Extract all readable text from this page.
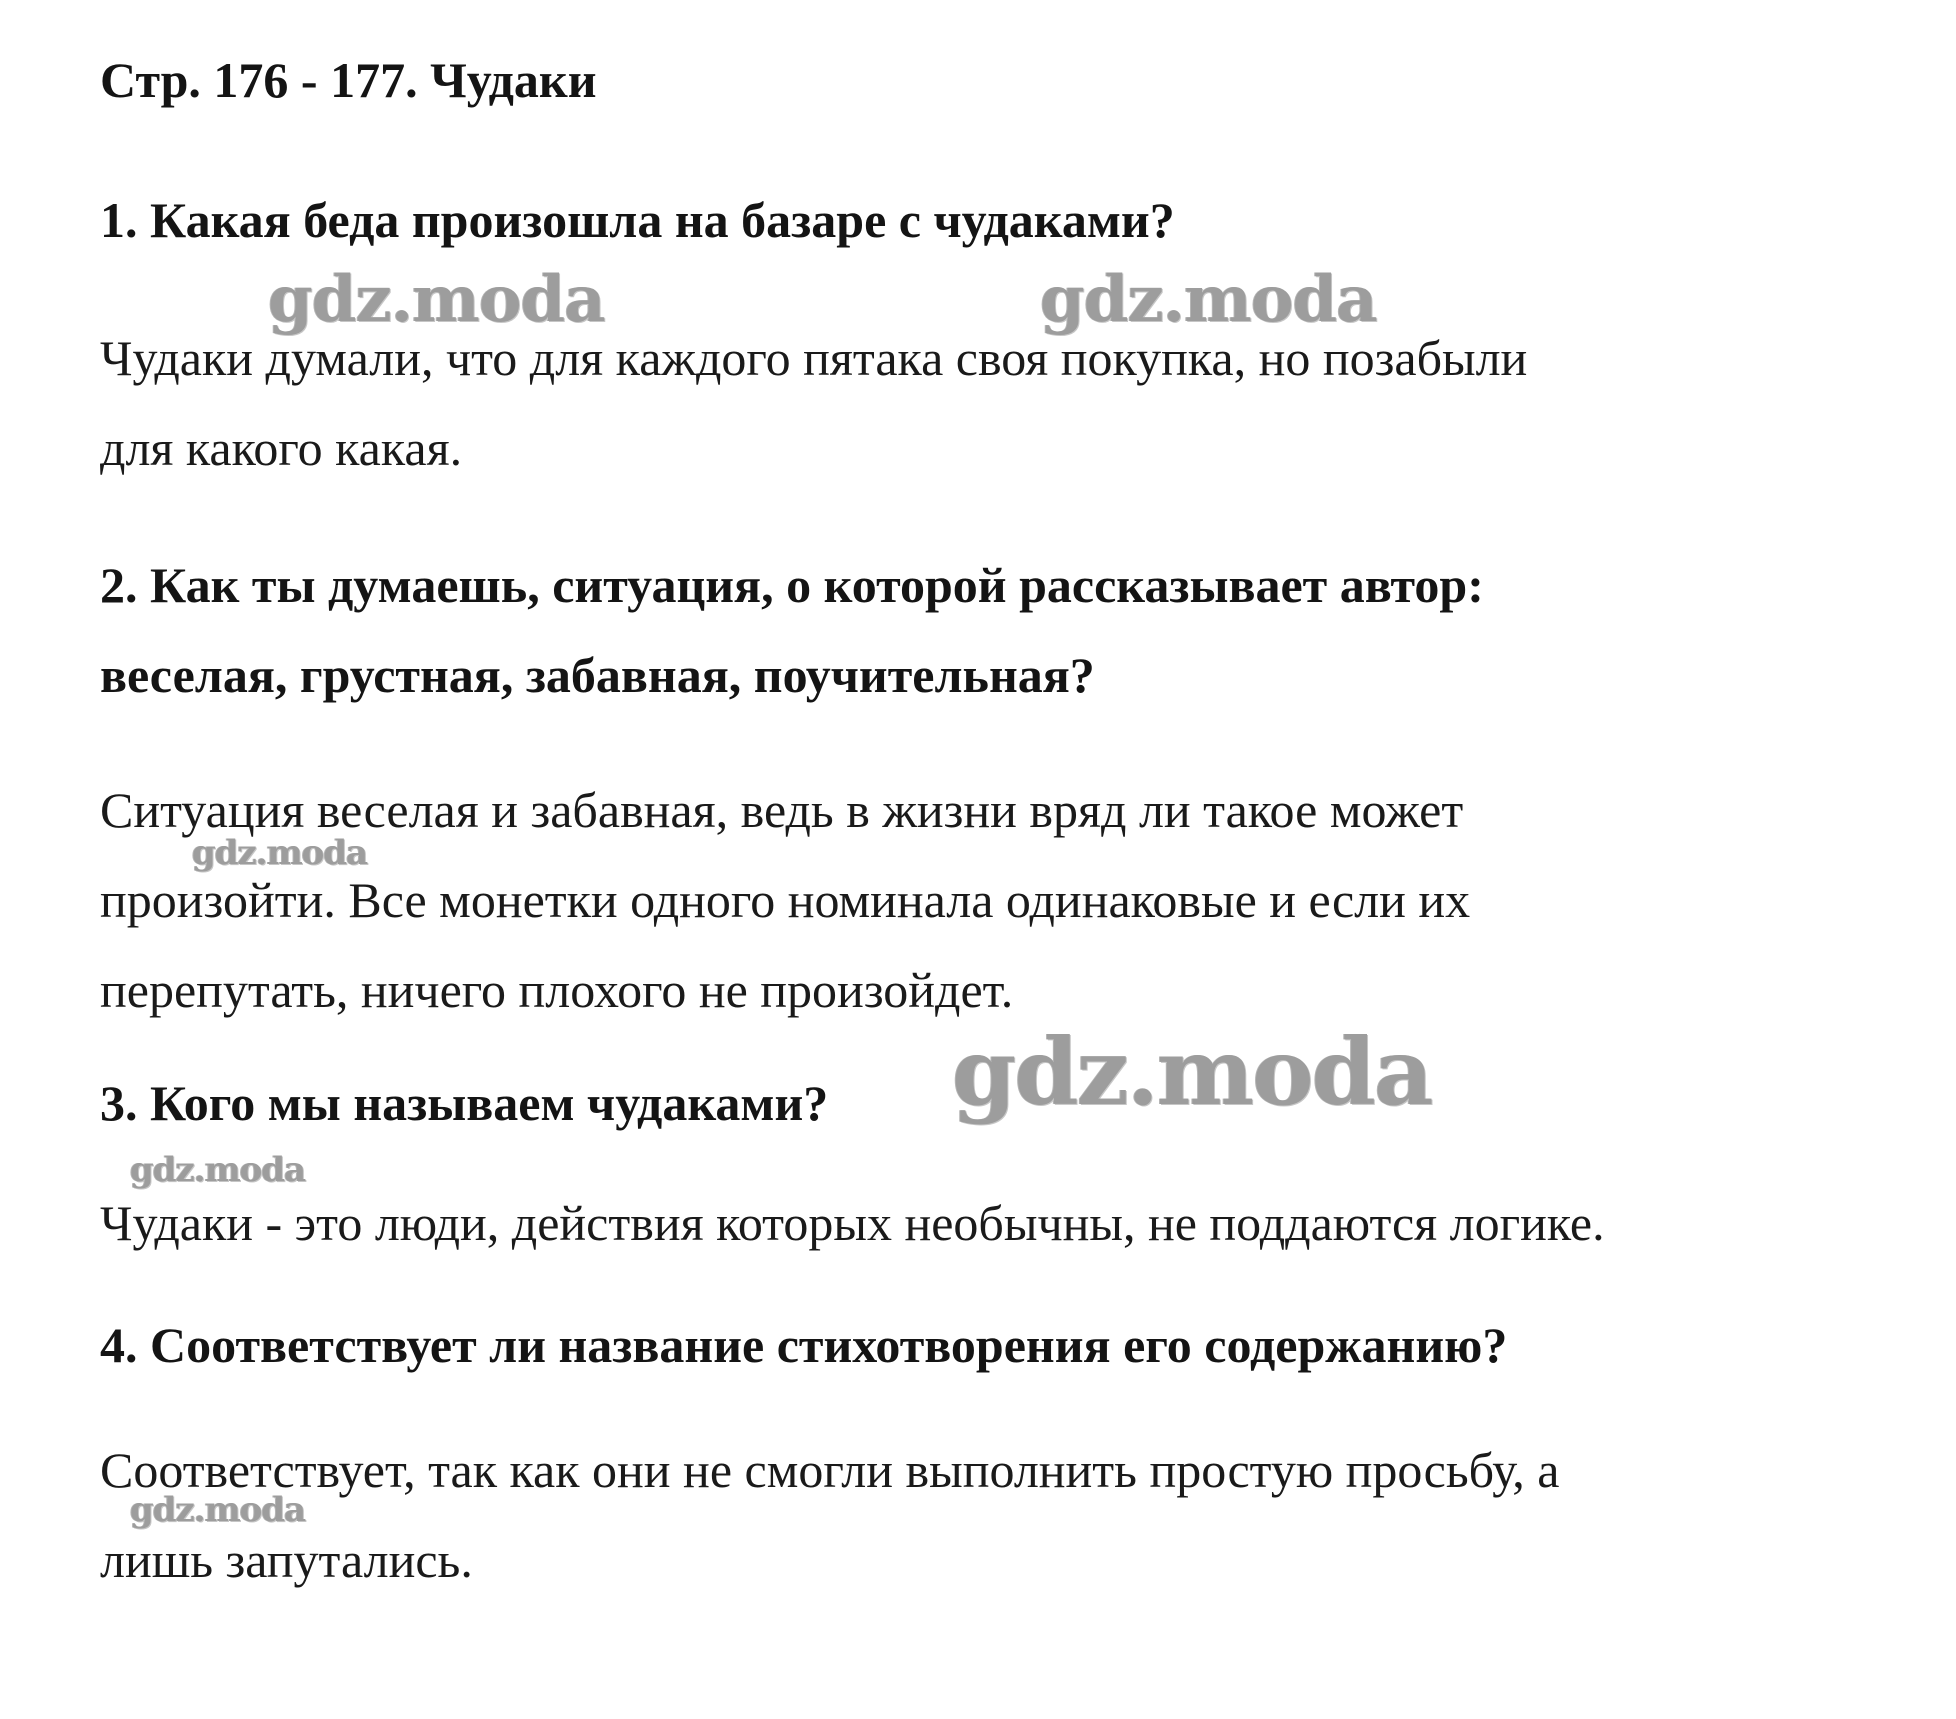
Стр. 176 - 177. Чудаки
1. Какая беда произошла на базаре с чудаками?
Чудаки думали, что для каждого пятака своя покупка, но позабыли
для какого какая.
2. Как ты думаешь, ситуация, о которой рассказывает автор:
веселая, грустная, забавная, поучительная?
Ситуация веселая и забавная, ведь в жизни вряд ли такое может
произойти. Все монетки одного номинала одинаковые и если их
перепутать, ничего плохого не произойдет.
3. Кого мы называем чудаками?
Чудаки - это люди, действия которых необычны, не поддаются логике.
4. Соответствует ли название стихотворения его содержанию?
Соответствует, так как они не смогли выполнить простую просьбу, а
лишь запутались.
gdz.moda	gdz.moda
gdz.moda
gdz.moda
gdz.moda
gdz.moda
